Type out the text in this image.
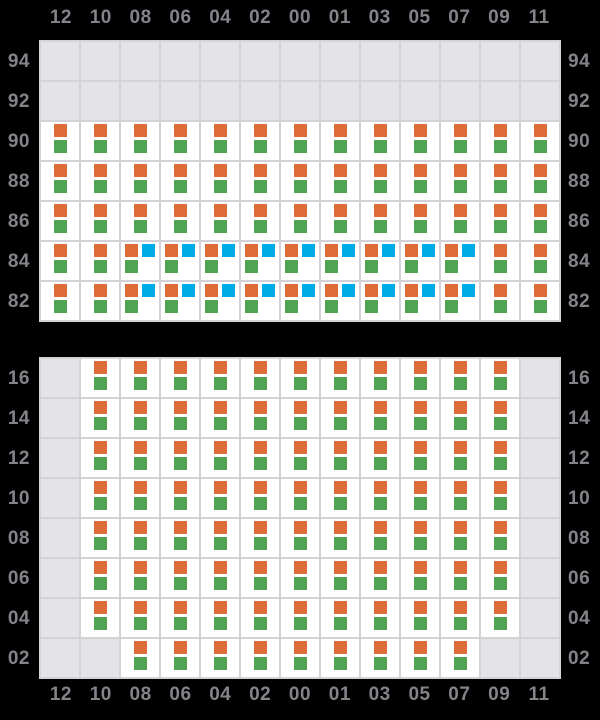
12 10 08 06 04 02 00 01 03 05 07 09 11
94
92
90
88
86
84
82
94
92
90
88
86
84
82
16
14
12
10
08
06
04
02
16
14
12
10
08
06
04
02
12 10 08 06 04 02 00 01 03 05 07 09 11
